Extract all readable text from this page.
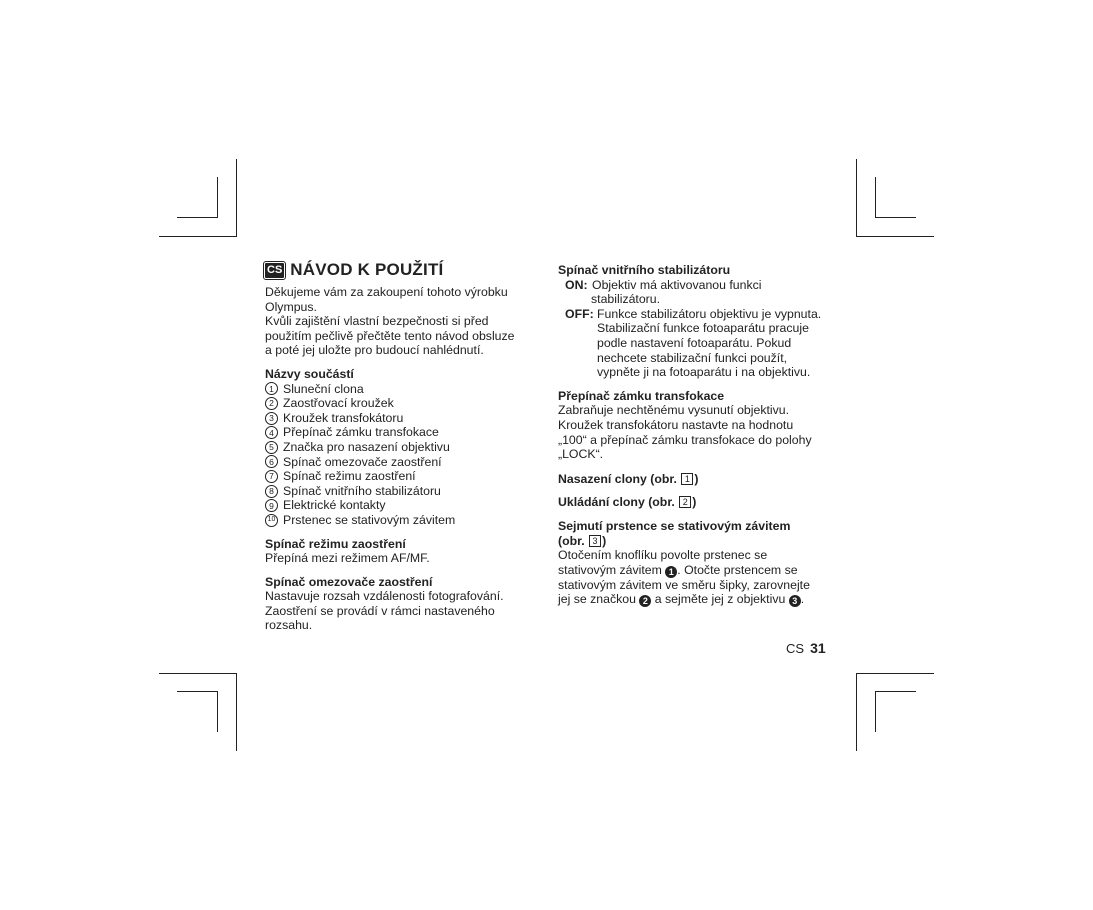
CS NÁVOD K POUŽITÍ

Děkujeme vám za zakoupení tohoto výrobku

Olympus.

Kvůli zajištění vlastní bezpečnosti si před

použitím pečlivě přečtěte tento návod obsluze

a poté jej uložte pro budoucí nahlédnutí.

Názvy součástí

1 Sluneční clona
2 Zaostřovací kroužek
3 Kroužek transfokátoru
4 Přepínač zámku transfokace
5 Značka pro nasazení objektivu
6 Spínač omezovače zaostření
7 Spínač režimu zaostření
8 Spínač vnitřního stabilizátoru
9 Elektrické kontakty
10 Prstenec se stativovým závitem

Spínač režimu zaostření

Přepíná mezi režimem AF/MF.

Spínač omezovače zaostření

Nastavuje rozsah vzdálenosti fotografování.

Zaostření se provádí v rámci nastaveného

rozsahu.

Spínač vnitřního stabilizátoru

ON: Objektiv má aktivovanou funkci

stabilizátoru.

OFF: Funkce stabilizátoru objektivu je vypnuta.

Stabilizační funkce fotoaparátu pracuje

podle nastavení fotoaparátu. Pokud

nechcete stabilizační funkci použít,

vypněte ji na fotoaparátu i na objektivu.

Přepínač zámku transfokace

Zabraňuje nechtěnému vysunutí objektivu.

Kroužek transfokátoru nastavte na hodnotu

„100“ a přepínač zámku transfokace do polohy

„LOCK“.

Nasazení clony (obr. 1 )

Ukládání clony (obr. 2 )

Sejmutí prstence se stativovým závitem

(obr. 3 )

Otočením knoflíku povolte prstenec se

stativovým závitem 1 . Otočte prstencem se

stativovým závitem ve směru šipky, zarovnejte

jej se značkou 2 a sejměte jej z objektivu 3 .

CS 31
